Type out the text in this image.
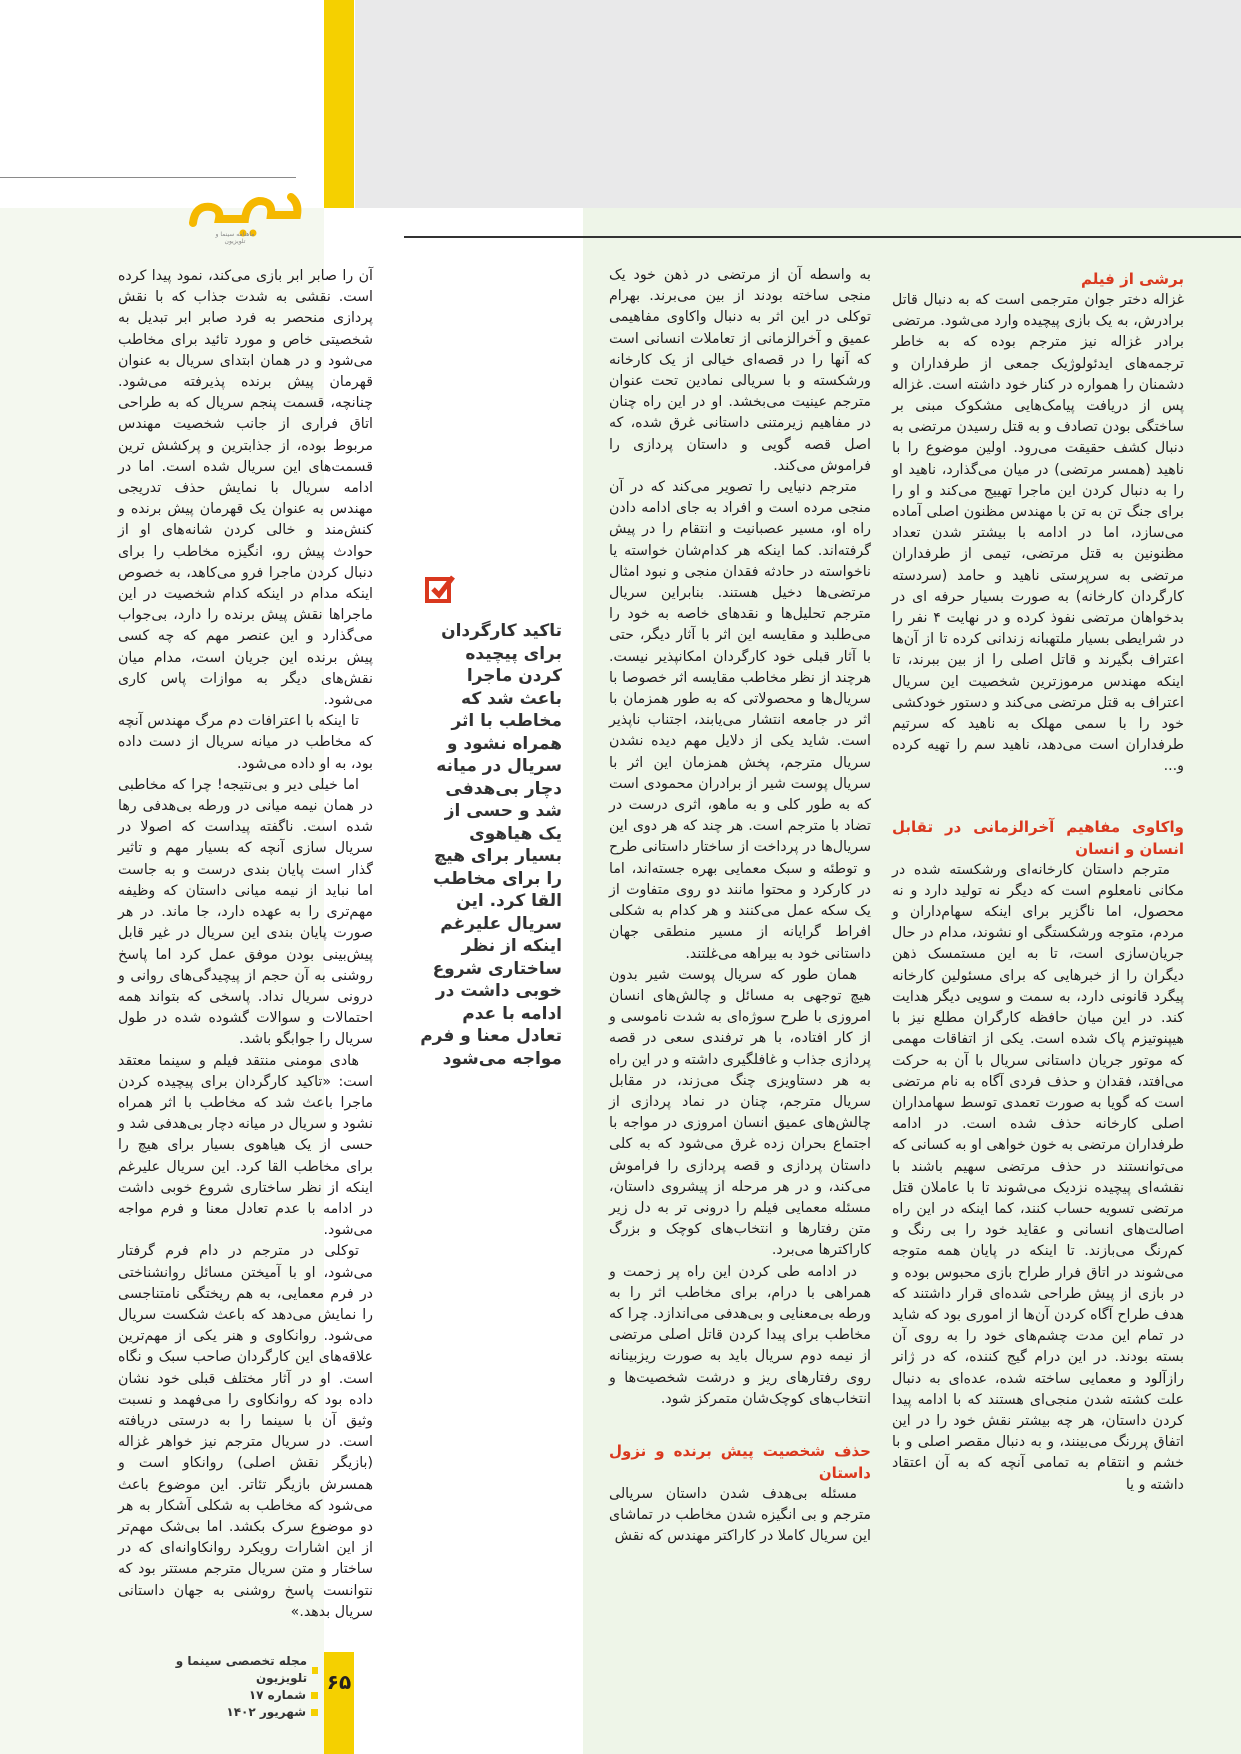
ماهنامه سینما و تلویزیون
برشی از فیلم

غزاله دختر جوان مترجمی است که به دنبال قاتل برادرش، به یک بازی پیچیده وارد می‌شود. مرتضی برادر غزاله نیز مترجم بوده که به خاطر ترجمه‌های ایدئولوژیک جمعی از طرفداران و دشمنان را همواره در کنار خود داشته است. غزاله پس از دریافت پیامک‌هایی مشکوک مبنی بر ساختگی بودن تصادف و به قتل رسیدن مرتضی به دنبال کشف حقیقت می‌رود. اولین موضوع را با ناهید (همسر مرتضی) در میان می‌گذارد، ناهید او را به دنبال کردن این ماجرا تهییج می‌کند و او را برای جنگ تن به تن با مهندس مظنون اصلی آماده می‌سازد، اما در ادامه با بیشتر شدن تعداد مظنونین به قتل مرتضی، تیمی از طرفداران مرتضی به سرپرستی ناهید و حامد (سردسته کارگردان کارخانه) به صورت بسیار حرفه ای در بدخواهان مرتضی نفوذ کرده و در نهایت ۴ نفر را در شرایطی بسیار ملتهبانه زندانی کرده تا از آن‌ها اعتراف بگیرند و قاتل اصلی را از بین ببرند، تا اینکه مهندس مرموزترین شخصیت این سریال اعتراف به قتل مرتضی می‌کند و دستور خودکشی خود را با سمی مهلک به ناهید که سرتیم طرفداران است می‌دهد، ناهید سم را تهیه کرده و...

واکاوی مفاهیم آخرالزمانی در تقابل انسان و انسان

مترجم داستان کارخانه‌ای ورشکسته شده در مکانی نامعلوم است که دیگر نه تولید دارد و نه محصول، اما ناگزیر برای اینکه سهام‌داران و مردم، متوجه ورشکستگی او نشوند، مدام در حال جریان‌سازی است، تا به این مستمسک ذهن دیگران را از خبرهایی که برای مسئولین کارخانه پیگرد قانونی دارد، به سمت و سویی دیگر هدایت کند. در این میان حافظه کارگران مطلع نیز با هیپنوتیزم پاک شده است. یکی از اتفاقات مهمی که موتور جریان داستانی سریال با آن به حرکت می‌افتد، فقدان و حذف فردی آگاه به نام مرتضی است که گویا به صورت تعمدی توسط سهامداران اصلی کارخانه حذف شده است. در ادامه طرفداران مرتضی به خون خواهی او به کسانی که می‌توانستند در حذف مرتضی سهیم باشند با نقشه‌ای پیچیده نزدیک می‌شوند تا با عاملان قتل مرتضی تسویه حساب کنند، کما اینکه در این راه اصالت‌های انسانی و عقاید خود را بی رنگ و کم‌رنگ می‌بازند. تا اینکه در پایان همه متوجه می‌شوند در اتاق فرار طراح بازی محبوس بوده و در بازی از پیش طراحی شده‌ای قرار داشتند که هدف طراح آگاه کردن آن‌ها از اموری بود که شاید در تمام این مدت چشم‌های خود را به روی آن بسته بودند. در این درام گیج کننده، که در ژانر رازآلود و معمایی ساخته شده، عده‌ای به دنبال علت کشته شدن منجی‌ای هستند که با ادامه پیدا کردن داستان، هر چه بیشتر نقش خود را در این اتفاق پررنگ می‌بینند، و به دنبال مقصر اصلی و با خشم و انتقام به تمامی آنچه که به آن اعتقاد داشته و یا

به واسطه آن از مرتضی در ذهن خود یک منجی ساخته بودند از بین می‌برند. بهرام توکلی در این اثر به دنبال واکاوی مفاهیمی عمیق و آخرالزمانی از تعاملات انسانی است که آنها را در قصه‌ای خیالی از یک کارخانه ورشکسته و با سریالی نمادین تحت عنوان مترجم عینیت می‌بخشد. او در این راه چنان در مفاهیم زیرمتنی داستانی غرق شده، که اصل قصه گویی و داستان پردازی را فراموش می‌کند.

مترجم دنیایی را تصویر می‌کند که در آن منجی مرده است و افراد به جای ادامه دادن راه او، مسیر عصبانیت و انتقام را در پیش گرفته‌اند. کما اینکه هر کدام‌شان خواسته یا ناخواسته در حادثه فقدان منجی و نبود امثال مرتضی‌ها دخیل هستند. بنابراین سریال مترجم تحلیل‌ها و نقدهای خاصه به خود را می‌طلبد و مقایسه این اثر با آثار دیگر، حتی با آثار قبلی خود کارگردان امکانپذیر نیست. هرچند از نظر مخاطب مقایسه اثر خصوصا با سریال‌ها و محصولاتی که به طور همزمان با اثر در جامعه انتشار می‌یابند، اجتناب ناپذیر است. شاید یکی از دلایل مهم دیده نشدن سریال مترجم، پخش همزمان این اثر با سریال پوست شیر از برادران محمودی است که به طور کلی و به ماهو، اثری درست در تضاد با مترجم است. هر چند که هر دوی این سریال‌ها در پرداخت از ساختار داستانی طرح و توطئه و سبک معمایی بهره جسته‌اند، اما در کارکرد و محتوا مانند دو روی متفاوت از یک سکه عمل می‌کنند و هر کدام به شکلی افراط گرایانه از مسیر منطقی جهان داستانی خود به بیراهه می‌غلتند.

همان طور که سریال پوست شیر بدون هیچ توجهی به مسائل و چالش‌های انسان امروزی با طرح سوژه‌ای به شدت ناموسی و از کار افتاده، با هر ترفندی سعی در قصه پردازی جذاب و غافلگیری داشته و در این راه به هر دستاویزی چنگ می‌زند، در مقابل سریال مترجم، چنان در نماد پردازی از چالش‌های عمیق انسان امروزی در مواجه با اجتماع بحران زده غرق می‌شود که به کلی داستان پردازی و قصه پردازی را فراموش می‌کند، و در هر مرحله از پیشروی داستان، مسئله معمایی فیلم را درونی تر به دل زیر متن رفتارها و انتخاب‌های کوچک و بزرگ کاراکترها می‌برد.

در ادامه طی کردن این راه پر زحمت و همراهی با درام، برای مخاطب اثر را به ورطه بی‌معنایی و بی‌هدفی می‌اندازد. چرا که مخاطب برای پیدا کردن قاتل اصلی مرتضی از نیمه دوم سریال باید به صورت ریزبینانه روی رفتارهای ریز و درشت شخصیت‌ها و انتخاب‌های کوچک‌شان متمرکز شود.

حذف شخصیت پیش برنده و نزول داستان

مسئله بی‌هدف شدن داستان سریالی مترجم و بی انگیزه شدن مخاطب در تماشای این سریال کاملا در کاراکتر مهندس که نقش

تاکید کارگردان برای پیچیده کردن ماجرا باعث شد که مخاطب با اثر همراه نشود و سریال در میانه دچار بی‌هدفی شد و حسی از یک هیاهوی بسیار برای هیچ را برای مخاطب القا کرد. این سریال علیرغم اینکه از نظر ساختاری شروع خوبی داشت در ادامه با عدم تعادل معنا و فرم مواجه می‌شود

آن را صابر ابر بازی می‌کند، نمود پیدا کرده است. نقشی به شدت جذاب که با نقش پردازی منحصر به فرد صابر ابر تبدیل به شخصیتی خاص و مورد تائید برای مخاطب می‌شود و در همان ابتدای سریال به عنوان قهرمان پیش برنده پذیرفته می‌شود. چنانچه، قسمت پنجم سریال که به طراحی اتاق فراری از جانب شخصیت مهندس مربوط بوده، از جذابترین و پرکشش ترین قسمت‌های این سریال شده است. اما در ادامه سریال با نمایش حذف تدریجی مهندس به عنوان یک قهرمان پیش برنده و کنش‌مند و خالی کردن شانه‌های او از حوادث پیش رو، انگیزه مخاطب را برای دنبال کردن ماجرا فرو می‌کاهد، به خصوص اینکه مدام در اینکه کدام شخصیت در این ماجراها نقش پیش برنده را دارد، بی‌جواب می‌گذارد و این عنصر مهم که چه کسی پیش برنده این جریان است، مدام میان نقش‌های دیگر به موازات پاس کاری می‌شود.

تا اینکه با اعترافات دم مرگ مهندس آنچه که مخاطب در میانه سریال از دست داده بود، به او داده می‌شود.

اما خیلی دیر و بی‌نتیجه! چرا که مخاطبی در همان نیمه میانی در ورطه بی‌هدفی رها شده است. ناگفته پیداست که اصولا در سریال سازی آنچه که بسیار مهم و تاثیر گذار است پایان بندی درست و به جاست اما نباید از نیمه میانی داستان که وظیفه مهم‌تری را به عهده دارد، جا ماند. در هر صورت پایان بندی این سریال در غیر قابل پیش‌بینی بودن موفق عمل کرد اما پاسخ روشنی به آن حجم از پیچیدگی‌های روانی و درونی سریال نداد. پاسخی که بتواند همه احتمالات و سوالات گشوده شده در طول سریال را جوابگو باشد.

هادی مومنی منتقد فیلم و سینما معتقد است: «تاکید کارگردان برای پیچیده کردن ماجرا باعث شد که مخاطب با اثر همراه نشود و سریال در میانه دچار بی‌هدفی شد و حسی از یک هیاهوی بسیار برای هیچ را برای مخاطب القا کرد. این سریال علیرغم اینکه از نظر ساختاری شروع خوبی داشت در ادامه با عدم تعادل معنا و فرم مواجه می‌شود.

توکلی در مترجم در دام فرم گرفتار می‌شود، او با آمیختن مسائل روانشناختی در فرم معمایی، به هم ریختگی نامتناجسی را نمایش می‌دهد که باعث شکست سریال می‌شود. روانکاوی و هنر یکی از مهم‌ترین علاقه‌های این کارگردان صاحب سبک و نگاه است. او در آثار مختلف قبلی خود نشان داده بود که روانکاوی را می‌فهمد و نسبت وثیق آن با سینما را به درستی دریافته است. در سریال مترجم نیز خواهر غزاله (بازیگر نقش اصلی) روانکاو است و همسرش بازیگر تئاتر. این موضوع باعث می‌شود که مخاطب به شکلی آشکار به هر دو موضوع سرک بکشد. اما بی‌شک مهم‌تر از این اشارات رویکرد روانکاوانه‌ای که در ساختار و متن سریال مترجم مستتر بود که نتوانست پاسخ روشنی به جهان داستانی سریال بدهد.»

مجله تخصصی سینما و تلویزیون
شماره ۱۷
شهریور ۱۴۰۲
۶۵
